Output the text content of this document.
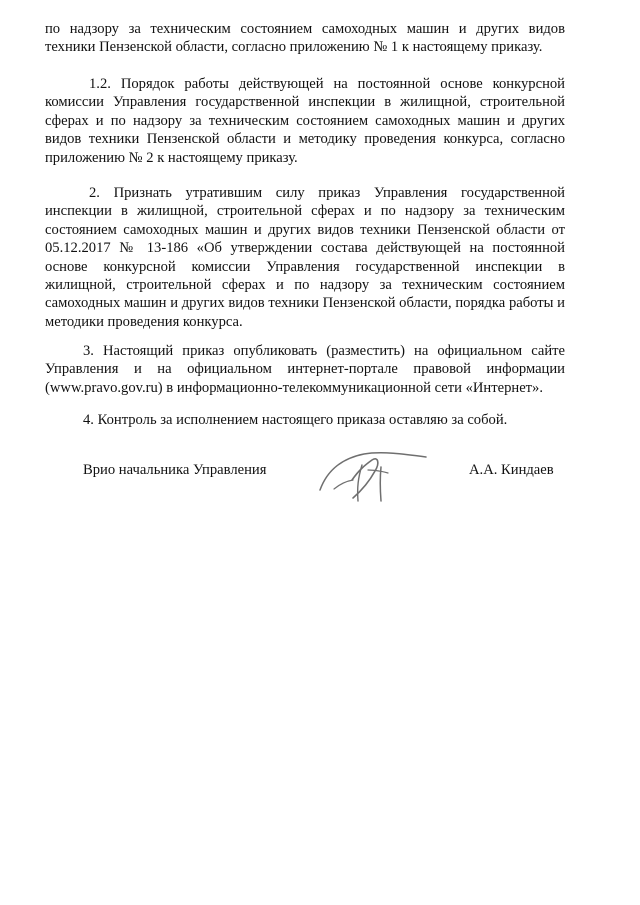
по надзору за техническим состоянием самоходных машин и других видов техники Пензенской области, согласно приложению № 1 к настоящему приказу.
1.2. Порядок работы действующей на постоянной основе конкурсной комиссии Управления государственной инспекции в жилищной, строительной сферах и по надзору за техническим состоянием самоходных машин и других видов техники Пензенской области и методику проведения конкурса, согласно приложению № 2 к настоящему приказу.
2. Признать утратившим силу приказ Управления государственной инспекции в жилищной, строительной сферах и по надзору за техническим состоянием самоходных машин и других видов техники Пензенской области от 05.12.2017 № 13-186 «Об утверждении состава действующей на постоянной основе конкурсной комиссии Управления государственной инспекции в жилищной, строительной сферах и по надзору за техническим состоянием самоходных машин и других видов техники Пензенской области, порядка работы и методики проведения конкурса.
3. Настоящий приказ опубликовать (разместить) на официальном сайте Управления и на официальном интернет-портале правовой информации (www.pravo.gov.ru) в информационно-телекоммуникационной сети «Интернет».
4. Контроль за исполнением настоящего приказа оставляю за собой.
Врио начальника Управления	А.А. Киндаев
